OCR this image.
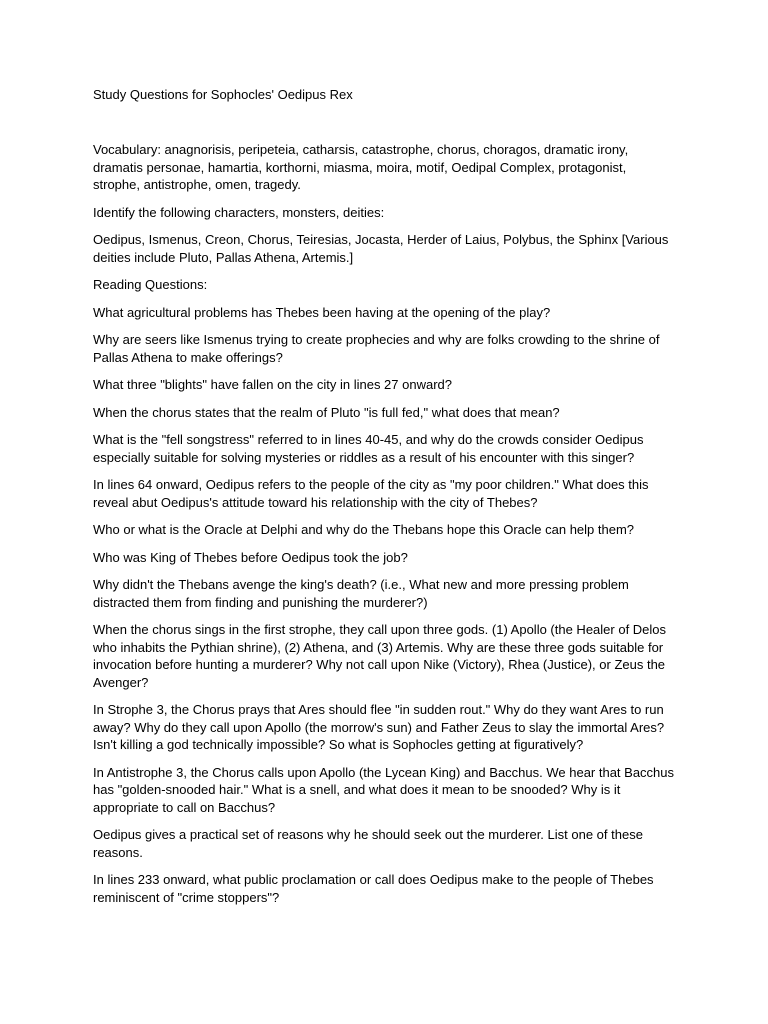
Study Questions for Sophocles' Oedipus Rex

Vocabulary: anagnorisis, peripeteia, catharsis, catastrophe, chorus, choragos, dramatic irony, dramatis personae, hamartia, korthorni, miasma, moira, motif, Oedipal Complex, protagonist, strophe, antistrophe, omen, tragedy.

Identify the following characters, monsters, deities:

Oedipus, Ismenus, Creon, Chorus, Teiresias, Jocasta, Herder of Laius, Polybus, the Sphinx [Various deities include Pluto, Pallas Athena, Artemis.]

Reading Questions:

What agricultural problems has Thebes been having at the opening of the play?

Why are seers like Ismenus trying to create prophecies and why are folks crowding to the shrine of Pallas Athena to make offerings?

What three "blights" have fallen on the city in lines 27 onward?

When the chorus states that the realm of Pluto "is full fed," what does that mean?

What is the "fell songstress" referred to in lines 40-45, and why do the crowds consider Oedipus especially suitable for solving mysteries or riddles as a result of his encounter with this singer?

In lines 64 onward, Oedipus refers to the people of the city as "my poor children." What does this reveal abut Oedipus's attitude toward his relationship with the city of Thebes?

Who or what is the Oracle at Delphi and why do the Thebans hope this Oracle can help them?

Who was King of Thebes before Oedipus took the job?

Why didn't the Thebans avenge the king's death? (i.e., What new and more pressing problem distracted them from finding and punishing the murderer?)

When the chorus sings in the first strophe, they call upon three gods. (1) Apollo (the Healer of Delos who inhabits the Pythian shrine), (2) Athena, and (3) Artemis. Why are these three gods suitable for invocation before hunting a murderer? Why not call upon Nike (Victory), Rhea (Justice), or Zeus the Avenger?

In Strophe 3, the Chorus prays that Ares should flee "in sudden rout." Why do they want Ares to run away? Why do they call upon Apollo (the morrow's sun) and Father Zeus to slay the immortal Ares? Isn't killing a god technically impossible? So what is Sophocles getting at figuratively?

In Antistrophe 3, the Chorus calls upon Apollo (the Lycean King) and Bacchus. We hear that Bacchus has "golden-snooded hair." What is a snell, and what does it mean to be snooded? Why is it appropriate to call on Bacchus?

Oedipus gives a practical set of reasons why he should seek out the murderer. List one of these reasons.

In lines 233 onward, what public proclamation or call does Oedipus make to the people of Thebes reminiscent of "crime stoppers"?
